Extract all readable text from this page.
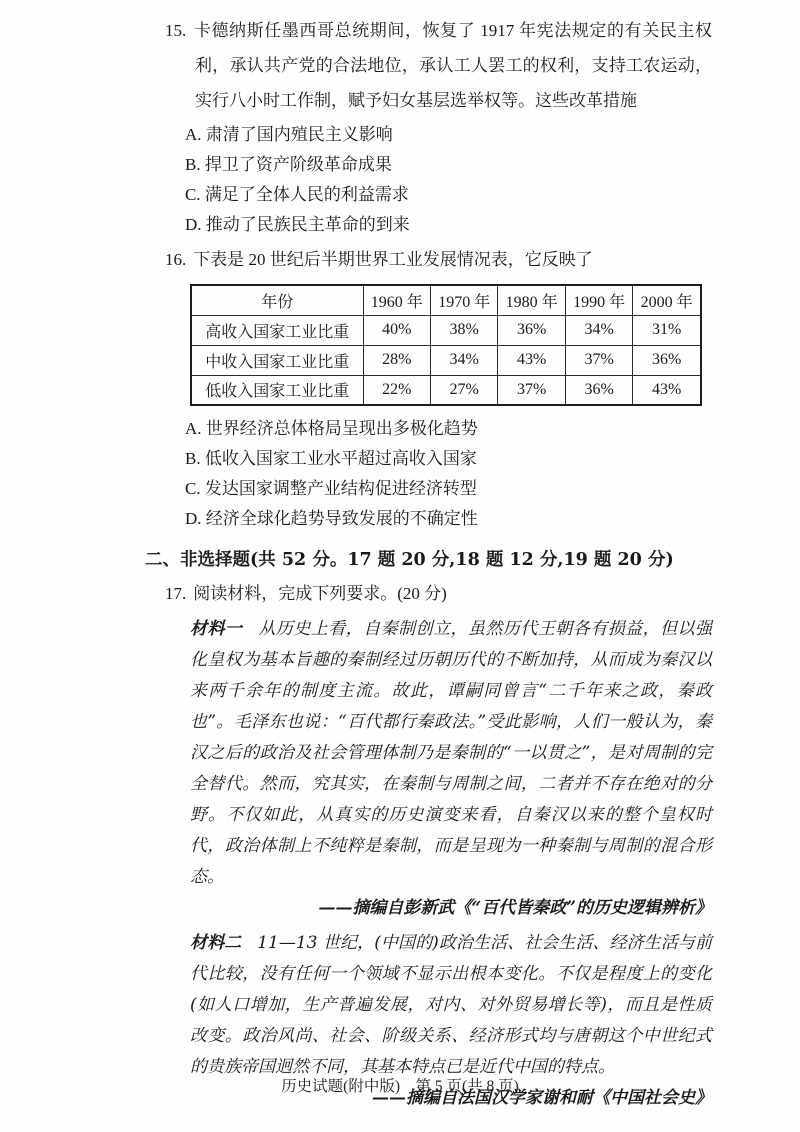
15. 卡德纳斯任墨西哥总统期间，恢复了 1917 年宪法规定的有关民主权利，承认共产党的合法地位，承认工人罢工的权利，支持工农运动，实行八小时工作制，赋予妇女基层选举权等。这些改革措施

A. 肃清了国内殖民主义影响
B. 捍卫了资产阶级革命成果
C. 满足了全体人民的利益需求
D. 推动了民族民主革命的到来

16. 下表是 20 世纪后半期世界工业发展情况表，它反映了

年份	1960 年	1970 年	1980 年	1990 年	2000 年
高收入国家工业比重	40%	38%	36%	34%	31%
中收入国家工业比重	28%	34%	43%	37%	36%
低收入国家工业比重	22%	27%	37%	36%	43%
A. 世界经济总体格局呈现出多极化趋势
B. 低收入国家工业水平超过高收入国家
C. 发达国家调整产业结构促进经济转型
D. 经济全球化趋势导致发展的不确定性

二、非选择题(共 52 分。17 题 20 分,18 题 12 分,19 题 20 分)

17. 阅读材料，完成下列要求。(20 分)

材料一 从历史上看，自秦制创立，虽然历代王朝各有损益，但以强化皇权为基本旨趣的秦制经过历朝历代的不断加持，从而成为秦汉以来两千余年的制度主流。故此，谭嗣同曾言“二千年来之政，秦政也”。毛泽东也说：“百代都行秦政法。”受此影响，人们一般认为，秦汉之后的政治及社会管理体制乃是秦制的“一以贯之”，是对周制的完全替代。然而，究其实，在秦制与周制之间，二者并不存在绝对的分野。不仅如此，从真实的历史演变来看，自秦汉以来的整个皇权时代，政治体制上不纯粹是秦制，而是呈现为一种秦制与周制的混合形态。

——摘编自彭新武《“百代皆秦政”的历史逻辑辨析》

材料二 11—13 世纪，(中国的)政治生活、社会生活、经济生活与前代比较，没有任何一个领域不显示出根本变化。不仅是程度上的变化(如人口增加，生产普遍发展，对内、对外贸易增长等)，而且是性质改变。政治风尚、社会、阶级关系、经济形式均与唐朝这个中世纪式的贵族帝国迥然不同，其基本特点已是近代中国的特点。

——摘编自法国汉学家谢和耐《中国社会史》

历史试题(附中版)　第 5 页(共 8 页)
